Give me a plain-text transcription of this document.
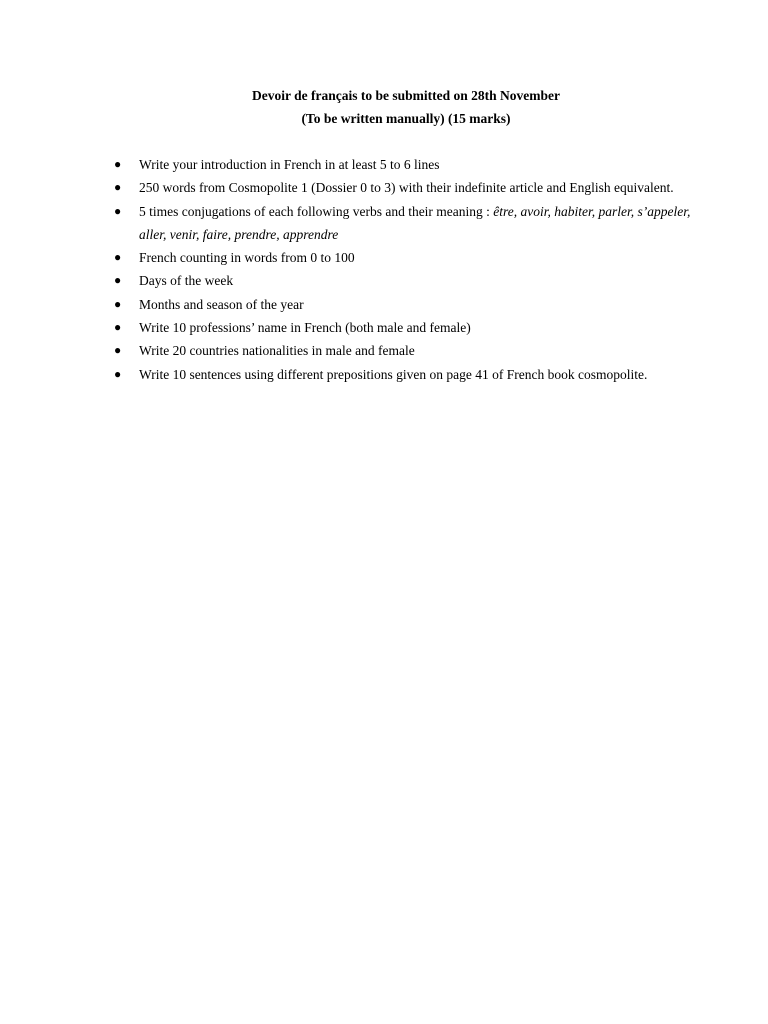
Devoir de français to be submitted on 28th November

(To be written manually) (15 marks)

● Write your introduction in French in at least 5 to 6 lines
● 250 words from Cosmopolite 1 (Dossier 0 to 3) with their indefinite article and English equivalent.
● 5 times conjugations of each following verbs and their meaning : être, avoir, habiter, parler, s’appeler, aller, venir, faire, prendre, apprendre
● French counting in words from 0 to 100
● Days of the week
● Months and season of the year
● Write 10 professions’ name in French (both male and female)
● Write 20 countries nationalities in male and female
● Write 10 sentences using different prepositions given on page 41 of French book cosmopolite.
